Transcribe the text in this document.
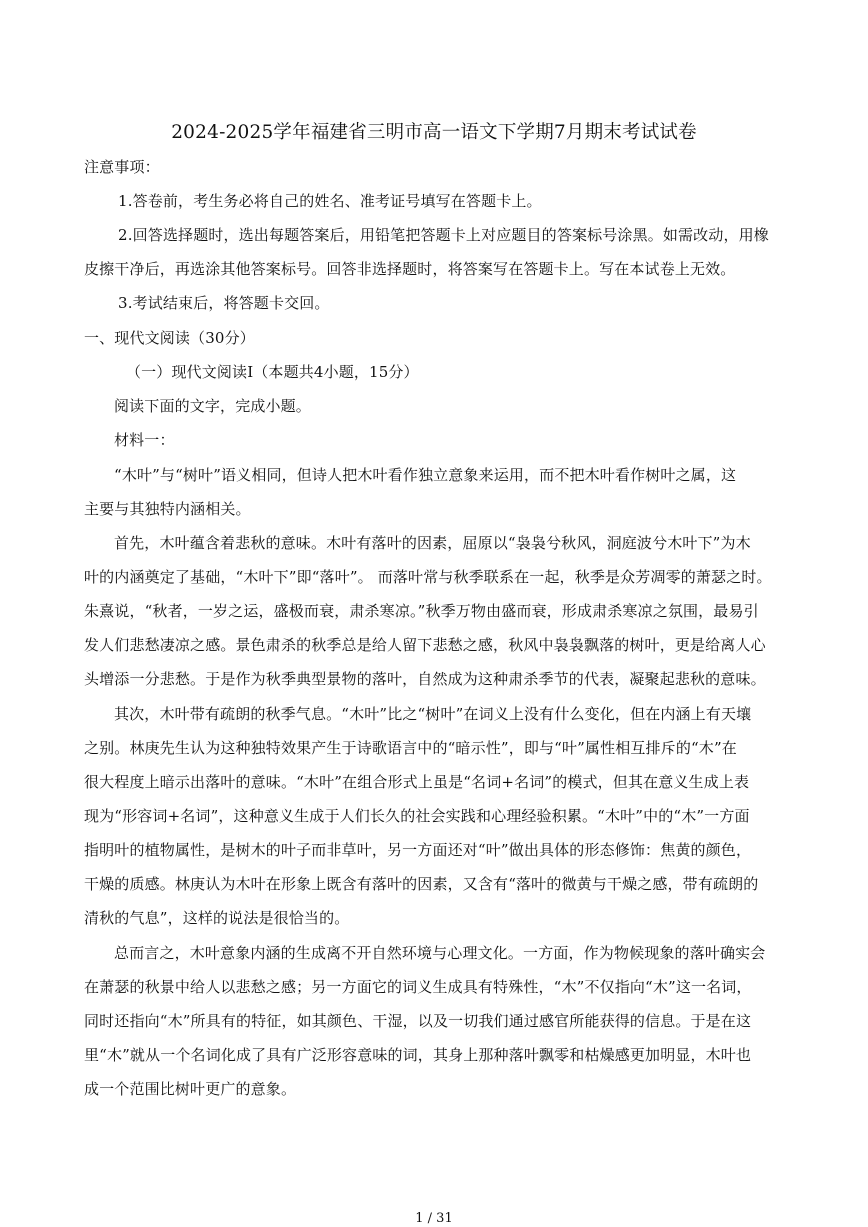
2024-2025学年福建省三明市高一语文下学期7月期末考试试卷
注意事项：
1.答卷前，考生务必将自己的姓名、准考证号填写在答题卡上。
2.回答选择题时，选出每题答案后，用铅笔把答题卡上对应题目的答案标号涂黑。如需改动，用橡
皮擦干净后，再选涂其他答案标号。回答非选择题时，将答案写在答题卡上。写在本试卷上无效。
3.考试结束后，将答题卡交回。
一、现代文阅读（30分）
（一）现代文阅读Ⅰ（本题共4小题，15分）
阅读下面的文字，完成小题。
材料一：
“木叶”与“树叶”语义相同，但诗人把木叶看作独立意象来运用，而不把木叶看作树叶之属，这
主要与其独特内涵相关。
首先，木叶蕴含着悲秋的意味。木叶有落叶的因素，屈原以“袅袅兮秋风，洞庭波兮木叶下”为木
叶的内涵奠定了基础，“木叶下”即“落叶”。 而落叶常与秋季联系在一起，秋季是众芳凋零的萧瑟之时。
朱熹说，“秋者，一岁之运，盛极而衰，肃杀寒凉。”秋季万物由盛而衰，形成肃杀寒凉之氛围，最易引
发人们悲愁凄凉之感。景色肃杀的秋季总是给人留下悲愁之感，秋风中袅袅飘落的树叶，更是给离人心
头增添一分悲愁。于是作为秋季典型景物的落叶，自然成为这种肃杀季节的代表，凝聚起悲秋的意味。
其次，木叶带有疏朗的秋季气息。“木叶”比之“树叶”在词义上没有什么变化，但在内涵上有天壤
之别。林庚先生认为这种独特效果产生于诗歌语言中的“暗示性”，即与“叶”属性相互排斥的“木”在
很大程度上暗示出落叶的意味。“木叶”在组合形式上虽是“名词+名词”的模式，但其在意义生成上表
现为“形容词+名词”，这种意义生成于人们长久的社会实践和心理经验积累。“木叶”中的“木”一方面
指明叶的植物属性，是树木的叶子而非草叶，另一方面还对“叶”做出具体的形态修饰：焦黄的颜色，
干燥的质感。林庚认为木叶在形象上既含有落叶的因素，又含有“落叶的微黄与干燥之感，带有疏朗的
清秋的气息”，这样的说法是很恰当的。
总而言之，木叶意象内涵的生成离不开自然环境与心理文化。一方面，作为物候现象的落叶确实会
在萧瑟的秋景中给人以悲愁之感；另一方面它的词义生成具有特殊性，“木”不仅指向“木”这一名词，
同时还指向“木”所具有的特征，如其颜色、干湿，以及一切我们通过感官所能获得的信息。于是在这
里“木”就从一个名词化成了具有广泛形容意味的词，其身上那种落叶飘零和枯燥感更加明显，木叶也
成一个范围比树叶更广的意象。
1 / 31
